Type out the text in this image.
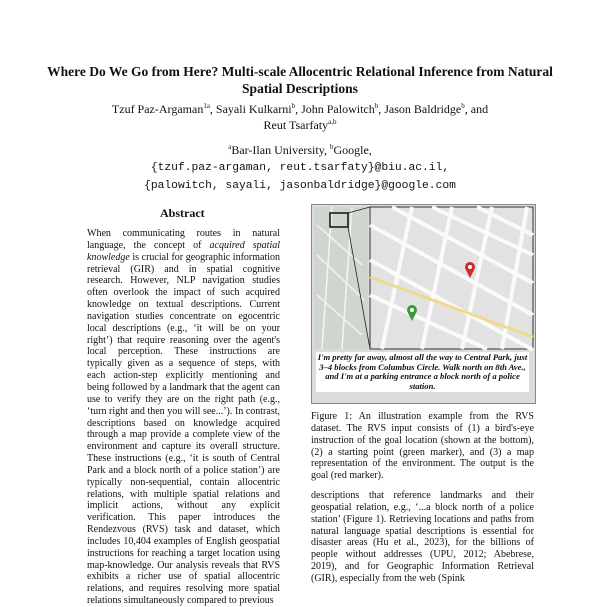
Where Do We Go from Here? Multi-scale Allocentric Relational Inference from Natural Spatial Descriptions
Tzuf Paz-Argaman$^{1a}$, Sayali Kulkarni$^b$, John Palowitch$^b$, Jason Baldridge$^b$, and
Reut Tsarfaty$^{a,b}$
$^a$Bar-Ilan University, $^b$Google,
{tzuf.paz-argaman, reut.tsarfaty}@biu.ac.il,
{palowitch, sayali, jasonbaldridge}@google.com
Abstract
When communicating routes in natural language, the concept of acquired spatial knowledge is crucial for geographic information retrieval (GIR) and in spatial cognitive research. However, NLP navigation studies often overlook the impact of such acquired knowledge on textual descriptions. Current navigation studies concentrate on egocentric local descriptions (e.g., ‘it will be on your right’) that require reasoning over the agent's local perception. These instructions are typically given as a sequence of steps, with each action-step explicitly mentioning and being followed by a landmark that the agent can use to verify they are on the right path (e.g., ‘turn right and then you will see...’). In contrast, descriptions based on knowledge acquired through a map provide a complete view of the environment and capture its overall structure. These instructions (e.g., ‘it is south of Central Park and a block north of a police station’) are typically non-sequential, contain allocentric relations, with multiple spatial relations and implicit actions, without any explicit verification. This paper introduces the Rendezvous (RVS) task and dataset, which includes 10,404 examples of English geospatial instructions for reaching a target location using map-knowledge. Our analysis reveals that RVS exhibits a richer use of spatial allocentric relations, and requires resolving more spatial relations simultaneously compared to previous
I'm pretty far away, almost all the way to Central Park, just 3–4 blocks from Columbus Circle. Walk north on 8th Ave., and I'm at a parking entrance a block north of a police station.
Figure 1: An illustration example from the RVS dataset. The RVS input consists of (1) a bird's-eye instruction of the goal location (shown at the bottom), (2) a starting point (green marker), and (3) a map representation of the environment. The output is the goal (red marker).
descriptions that reference landmarks and their geospatial relation, e.g., ‘...a block north of a police station’ (Figure 1). Retrieving locations and paths from natural language spatial descriptions is essential for disaster areas (Hu et al., 2023), for the billions of people without addresses (UPU, 2012; Abebrese, 2019), and for Geographic Information Retrieval (GIR), especially from the web (Spink
